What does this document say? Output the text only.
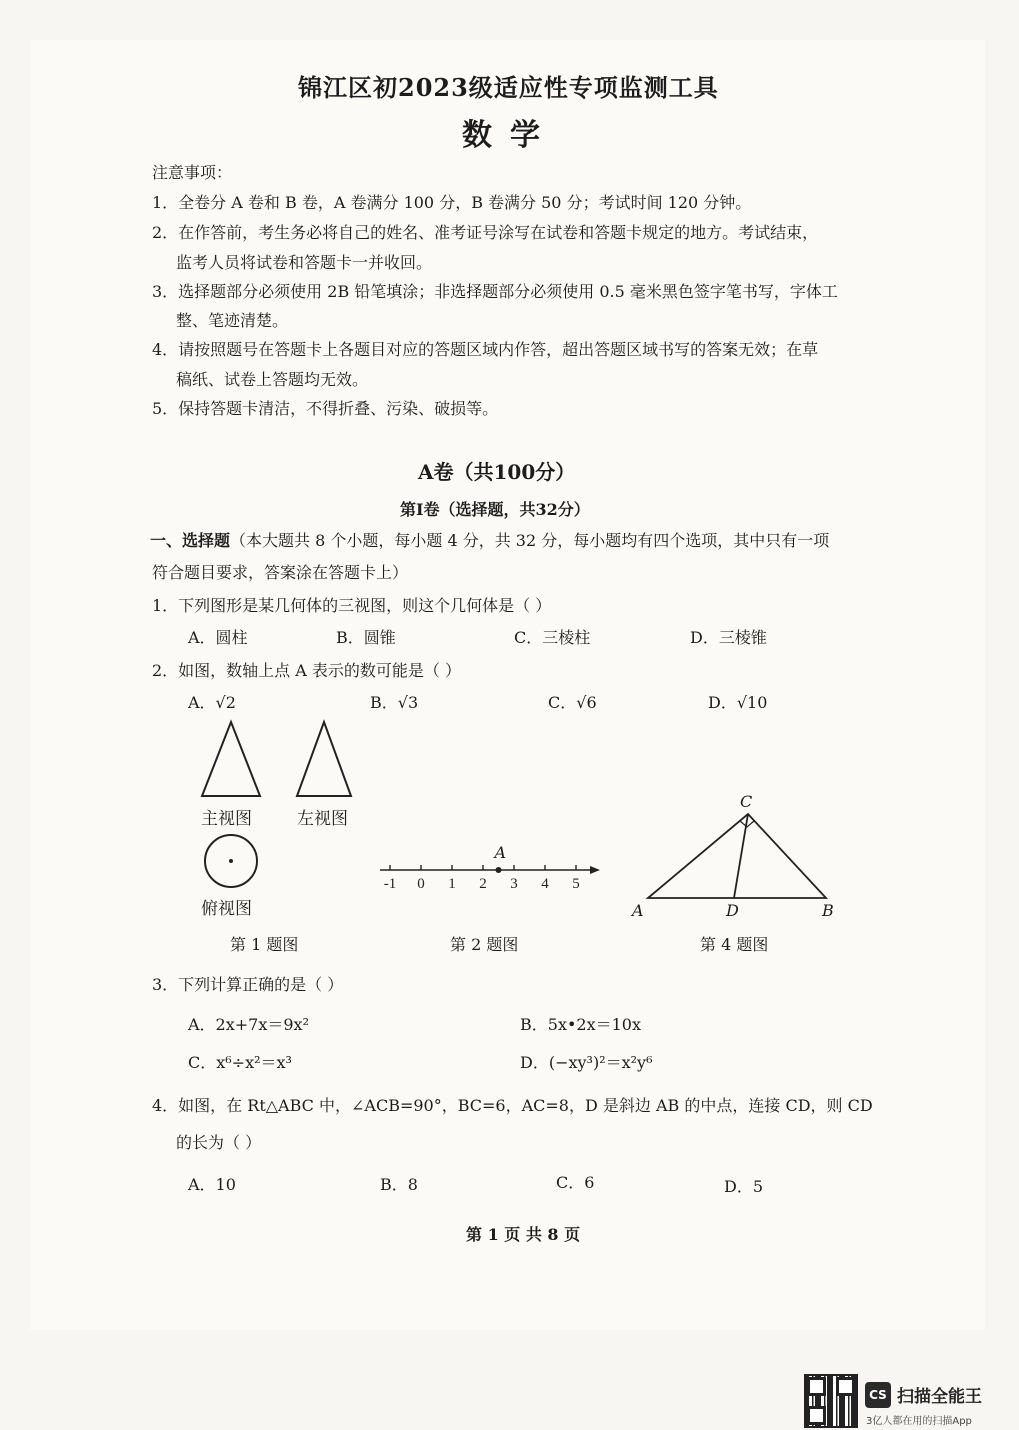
锦江区初2023级适应性专项监测工具
数学
注意事项：
1．全卷分 A 卷和 B 卷，A 卷满分 100 分，B 卷满分 50 分；考试时间 120 分钟。
2．在作答前，考生务必将自己的姓名、准考证号涂写在试卷和答题卡规定的地方。考试结束，
监考人员将试卷和答题卡一并收回。
3．选择题部分必须使用 2B 铅笔填涂；非选择题部分必须使用 0.5 毫米黑色签字笔书写，字体工
整、笔迹清楚。
4．请按照题号在答题卡上各题目对应的答题区域内作答，超出答题区域书写的答案无效；在草
稿纸、试卷上答题均无效。
5．保持答题卡清洁，不得折叠、污染、破损等。
A卷（共100分）
第Ⅰ卷（选择题，共32分）
一、选择题（本大题共 8 个小题，每小题 4 分，共 32 分，每小题均有四个选项，其中只有一项
符合题目要求，答案涂在答题卡上）
1．下列图形是某几何体的三视图，则这个几何体是（ ）
A．圆柱	B．圆锥	C．三棱柱	D．三棱锥
2．如图，数轴上点 A 表示的数可能是（ ）
A．√2	B．√3	C．√6	D．√10
主视图	左视图
俯视图
第 1 题图
-1 0 1 2 3 4 5
A
第 2 题图
C
A	D	B
第 4 题图
3．下列计算正确的是（ ）
A．2x+7x＝9x²	B．5x•2x＝10x
C．x⁶÷x²＝x³	D．(−xy³)²＝x²y⁶
4．如图，在 Rt△ABC 中，∠ACB=90°，BC=6，AC=8，D 是斜边 AB 的中点，连接 CD，则 CD
的长为（ ）
A．10	B．8	C．6	D．5
第 1 页 共 8 页
CS 扫描全能王
3亿人都在用的扫描App
